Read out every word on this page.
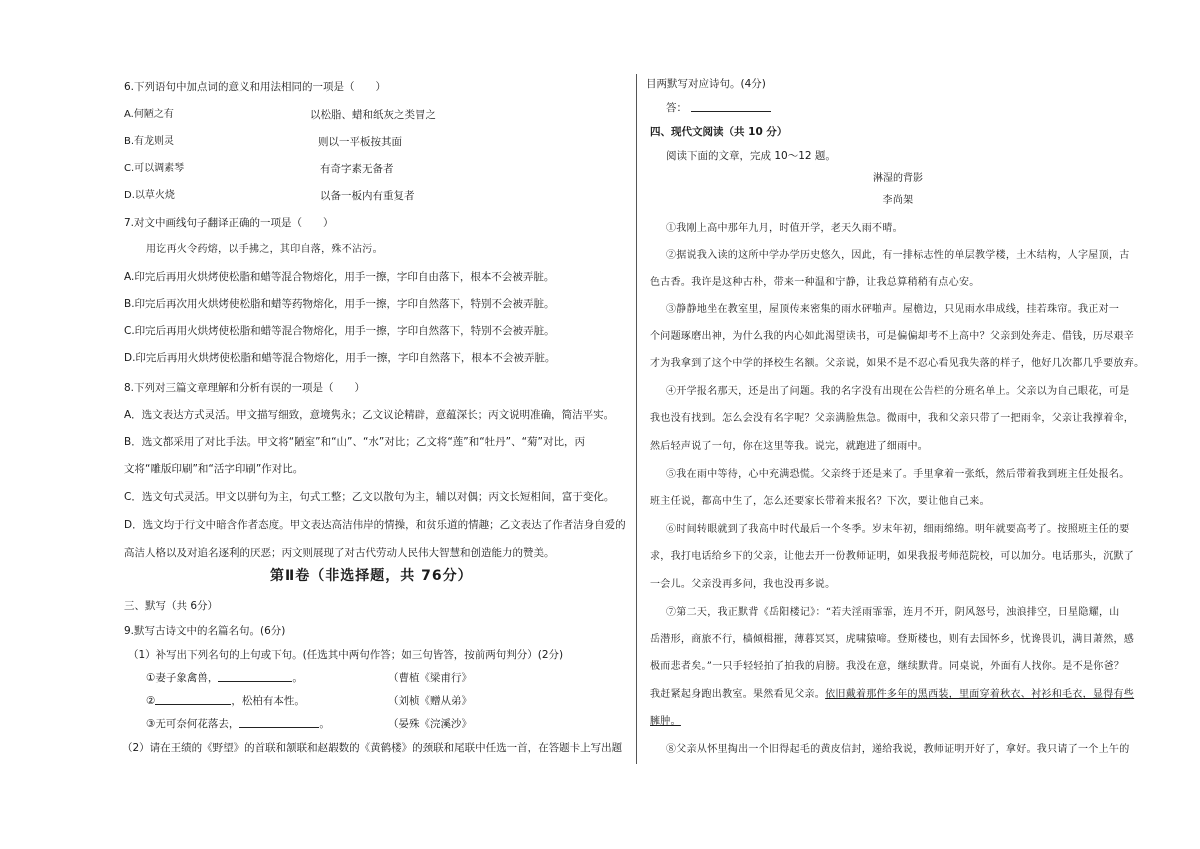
6.下列语句中加点词的意义和用法相同的一项是（　　）
A.何陋之有	以松脂、蜡和纸灰之类冒之
B.有龙则灵	则以一平板按其面
C.可以调素琴	有奇字素无备者
D.以草火烧	以备一板内有重复者
7.对文中画线句子翻译正确的一项是（　　）
用讫再火令药熔，以手拂之，其印自落，殊不沾污。
A.印完后再用火烘烤使松脂和蜡等混合物熔化，用手一擦，字印自由落下，根本不会被弄脏。
B.印完后再次用火烘烤使松脂和蜡等药物熔化，用手一擦，字印自然落下，特别不会被弄脏。
C.印完后再用火烘烤使松脂和蜡等混合物熔化，用手一擦，字印自然落下，特别不会被弄脏。
D.印完后再用火烘烤使松脂和蜡等混合物熔化，用手一擦，字印自然落下，根本不会被弄脏。
8.下列对三篇文章理解和分析有误的一项是（　　）
A．选文表达方式灵活。甲文描写细致，意境隽永；乙文议论精辟，意蕴深长；丙文说明准确，简洁平实。
B．选文都采用了对比手法。甲文将“陋室”和“山”、“水”对比；乙文将“莲”和“牡丹”、“菊”对比，丙
文将“雕版印刷”和“活字印刷”作对比。
C．选文句式灵活。甲文以骈句为主，句式工整；乙文以散句为主，辅以对偶；丙文长短相间，富于变化。
D．选文均于行文中暗含作者态度。甲文表达高洁伟岸的情操，和贫乐道的情趣；乙文表达了作者洁身自爱的
高洁人格以及对追名逐利的厌恶；丙文则展现了对古代劳动人民伟大智慧和创造能力的赞美。
第Ⅱ卷（非选择题，共 76分）
三、默写（共 6分）
9.默写古诗文中的名篇名句。(6分)
（1）补写出下列名句的上句或下句。(任选其中两句作答；如三句皆答，按前两句判分）(2分)
①妻子象禽兽，	。	（曹植《梁甫行》
②	，松柏有本性。	（刘桢《赠从弟》
③无可奈何花落去，	。	（晏殊《浣溪沙》
（2）请在王绩的《野望》的首联和颔联和赵嘏数的《黄鹤楼》的颈联和尾联中任选一首，在答题卡上写出题
目两默写对应诗句。(4分)
答：
四、现代文阅读（共 10 分）
阅读下面的文章，完成 10～12 题。
淋湿的背影
李尚架
①我刚上高中那年九月，时值开学，老天久雨不晴。
②据说我入读的这所中学办学历史悠久，因此，有一排标志性的单层教学楼，土木结构，人字屋顶，古
色古香。我许是这种古朴，带来一种温和宁静，让我总算稍稍有点心安。
③静静地坐在教室里，屋顶传来密集的雨水砰啪声。屋檐边，只见雨水串成线，挂若珠帘。我正对一
个问题琢磨出神，为什么我的内心如此渴望读书，可是偏偏却考不上高中？父亲到处奔走、借钱，历尽艰辛
才为我拿到了这个中学的择校生名额。父亲说，如果不是不忍心看见我失落的样子，他好几次都几乎要放弃。
④开学报名那天，还是出了问题。我的名字没有出现在公告栏的分班名单上。父亲以为自己眼花，可是
我也没有找到。怎么会没有名字呢？父亲满脸焦急。微雨中，我和父亲只带了一把雨伞，父亲让我撑着伞，
然后轻声说了一句，你在这里等我。说完，就跑进了细雨中。
⑤我在雨中等待，心中充满恐慌。父亲终于还是来了。手里拿着一张纸，然后带着我到班主任处报名。
班主任说，都高中生了，怎么还要家长带着来报名？下次，要让他自己来。
⑥时间转眼就到了我高中时代最后一个冬季。岁末年初，细雨绵绵。明年就要高考了。按照班主任的要
求，我打电话给乡下的父亲，让他去开一份教师证明，如果我报考师范院校，可以加分。电话那头，沉默了
一会儿。父亲没再多问，我也没再多说。
⑦第二天，我正默背《岳阳楼记》：“若夫淫雨霏霏，连月不开，阴风怒号，浊浪排空，日星隐耀，山
岳潜形，商旅不行，樯倾楫摧，薄暮冥冥，虎啸猿啼。登斯楼也，则有去国怀乡，忧谗畏讥，满目萧然，感
极而悲者矣。”一只手轻轻拍了拍我的肩膀。我没在意，继续默背。同桌说，外面有人找你。是不是你爸？
我赶紧起身跑出教室。果然看见父亲。依旧戴着那件多年的黑西装，里面穿着秋衣、衬衫和毛衣，显得有些
臃肿。
⑧父亲从怀里掏出一个旧得起毛的黄皮信封，递给我说，教师证明开好了，拿好。我只请了一个上午的
